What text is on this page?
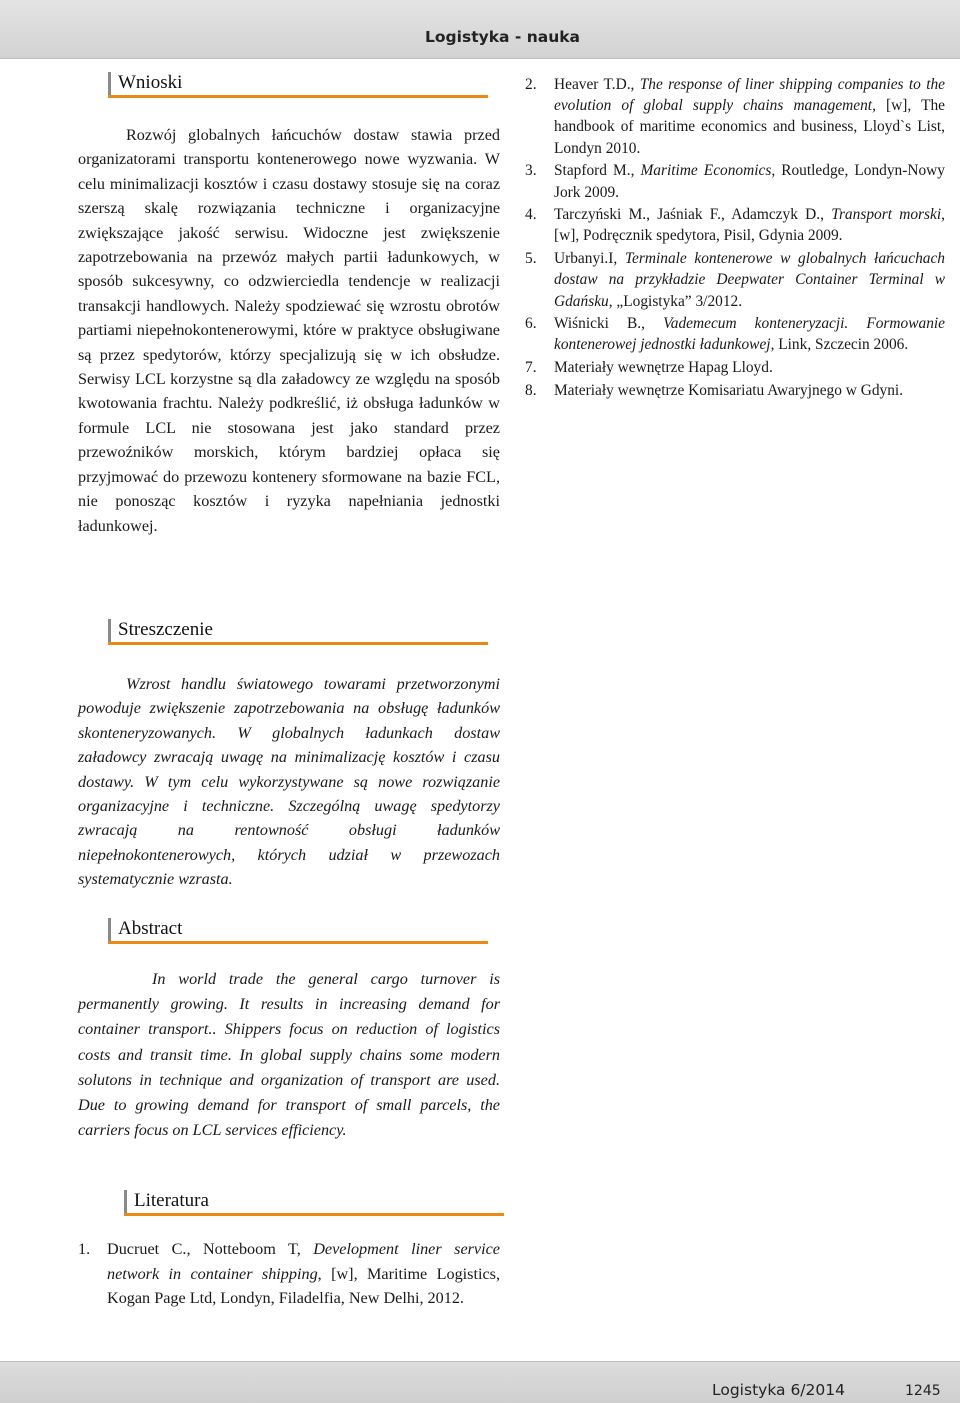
Logistyka - nauka
Wnioski
Rozwój globalnych łańcuchów dostaw stawia przed organizatorami transportu kontenerowego nowe wyzwania. W celu minimalizacji kosztów i czasu dostawy stosuje się na coraz szerszą skalę rozwiązania techniczne i organizacyjne zwiększające jakość serwisu. Widoczne jest zwiększenie zapotrzebowania na przewóz małych partii ładunkowych, w sposób sukcesywny, co odzwierciedla tendencje w realizacji transakcji handlowych. Należy spodziewać się wzrostu obrotów partiami niepełnokontenerowymi, które w praktyce obsługiwane są przez spedytorów, którzy specjalizują się w ich obsłudze. Serwisy LCL korzystne są dla załadowcy ze względu na sposób kwotowania frachtu. Należy podkreślić, iż obsługa ładunków w formule LCL nie stosowana jest jako standard przez przewoźników morskich, którym bardziej opłaca się przyjmować do przewozu kontenery sformowane na bazie FCL, nie ponosząc kosztów i ryzyka napełniania jednostki ładunkowej.
Streszczenie
Wzrost handlu światowego towarami przetworzonymi powoduje zwiększenie zapotrzebowania na obsługę ładunków skonteneryzowanych. W globalnych ładunkach dostaw załadowcy zwracają uwagę na minimalizację kosztów i czasu dostawy. W tym celu wykorzystywane są nowe rozwiązanie organizacyjne i techniczne. Szczególną uwagę spedytorzy zwracają na rentowność obsługi ładunków niepełnokontenerowych, których udział w przewozach systematycznie wzrasta.
Abstract
In world trade the general cargo turnover is permanently growing. It results in increasing demand for container transport.. Shippers focus on reduction of logistics costs and transit time. In global supply chains some modern solutons in technique and organization of transport are used. Due to growing demand for transport of small parcels, the carriers focus on LCL services efficiency.
Literatura
1.	Ducruet C., Notteboom T, Development liner service network in container shipping, [w], Maritime Logistics, Kogan Page Ltd, Londyn, Filadelfia, New Delhi, 2012.
2.	Heaver T.D., The response of liner shipping companies to the evolution of global supply chains management, [w], The handbook of maritime economics and business, Lloyd`s List, Londyn 2010.
3.	Stapford M., Maritime Economics, Routledge, Londyn-Nowy Jork 2009.
4.	Tarczyński M., Jaśniak F., Adamczyk D., Transport morski, [w], Podręcznik spedytora, Pisil, Gdynia 2009.
5.	Urbanyi.I, Terminale kontenerowe w globalnych łańcuchach dostaw na przykładzie Deepwater Container Terminal w Gdańsku, „Logistyka” 3/2012.
6.	Wiśnicki B., Vademecum konteneryzacji. Formowanie kontenerowej jednostki ładunkowej, Link, Szczecin 2006.
7.	Materiały wewnętrze Hapag Lloyd.
8.	Materiały wewnętrze Komisariatu Awaryjnego w Gdyni.
Logistyka 6/2014	1245
